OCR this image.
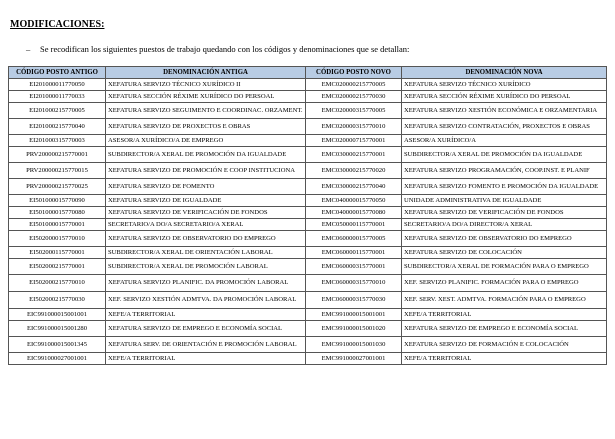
MODIFICACIONES:
– Se recodifican los siguientes puestos de trabajo quedando con los códigos y denominaciones que se detallan:
CÓDIGO POSTO ANTIGO	DENOMINACIÓN ANTIGA	CÓDIGO POSTO NOVO	DENOMINACIÓN NOVA
EI201000011770050	XEFATURA SERVIZO TÉCNICO XURÍDICO II	EMC020000215770005	XEFATURA SERVIZO TÉCNICO XURÍDICO
EI201000011770033	XEFATURA SECCIÓN RÉXIME XURÍDICO DO PERSOAL	EMC020000215770030	XEFATURA SECCIÓN RÉXIME XURÍDICO DO PERSOAL
EI201000215770005	XEFATURA SERVIZO SEGUIMENTO E COORDINAC. ORZAMENT.	EMC020000315770005	XEFATURA SERVIZO XESTIÓN ECONÓMICA E ORZAMENTARIA
EI201000215770040	XEFATURA SERVIZO DE PROXECTOS E OBRAS	EMC020000315770010	XEFATURA SERVIZO CONTRATACIÓN, PROXECTOS E OBRAS
EI201000315770003	ASESOR/A XURÍDICO/A DE EMPREGO	EMC020000715770001	ASESOR/A XURÍDICO/A
PRV200000215770001	SUBDIRECTOR/A XERAL DE PROMOCIÓN DA IGUALDADE	EMC030000215770001	SUBDIRECTOR/A XERAL DE PROMOCIÓN DA IGUALDADE
PRV200000215770015	XEFATURA SERVIZO DE PROMOCIÓN E COOP INSTITUCIONA	EMC030000215770020	XEFATURA SERVIZO PROGRAMACIÓN, COOP.INST. E PLANIF
PRV200000215770025	XEFATURA SERVIZO DE FOMENTO	EMC030000215770040	XEFATURA SERVIZO FOMENTO E PROMOCIÓN DA IGUALDADE
EI501000015770090	XEFATURA SERVIZO DE IGUALDADE	EMC040000015770050	UNIDADE ADMINISTRATIVA DE IGUALDADE
EI501000015770080	XEFATURA SERVIZO DE VERIFICACIÓN DE FONDOS	EMC040000015770080	XEFATURA SERVIZO DE VERIFICACIÓN DE FONDOS
EI501000015770001	SECRETARIO/A DO/A SECRETARIO/A XERAL	EMC050000115770001	SECRETARIO/A DO/A DIRECTOR/A XERAL
EI502000015770010	XEFATURA SERVIZO DE OBSERVATORIO DO EMPREGO	EMC060000015770005	XEFATURA SERVIZO DE OBSERVATORIO DO EMPREGO
EI502000115770001	SUBDIRECTOR/A XERAL DE ORIENTACIÓN LABORAL	EMC060000115770001	XEFATURA SERVIZO DE COLOCACIÓN
EI502000215770001	SUBDIRECTOR/A XERAL DE PROMOCIÓN LABORAL	EMC060000315770001	SUBDIRECTOR/A XERAL DE FORMACIÓN PARA O EMPREGO
EI502000215770010	XEFATURA SERVIZO PLANIFIC. DA PROMOCIÓN LABORAL	EMC060000315770010	XEF. SERVIZO PLANIFIC. FORMACIÓN PARA O EMPREGO
EI502000215770030	XEF. SERVIZO XESTIÓN ADMTVA. DA PROMOCIÓN LABORAL	EMC060000315770030	XEF. SERV. XEST. ADMTVA. FORMACIÓN PARA O EMPREGO
EIC991000015001001	XEFE/A TERRITORIAL	EMC991000015001001	XEFE/A TERRITORIAL
EIC991000015001280	XEFATURA SERVIZO DE EMPREGO E ECONOMÍA SOCIAL	EMC991000015001020	XEFATURA SERVIZO DE EMPREGO E ECONOMÍA SOCIAL
EIC991000015001345	XEFATURA SERV. DE ORIENTACIÓN E PROMOCIÓN LABORAL	EMC991000015001030	XEFATURA SERVIZO DE FORMACIÓN E COLOCACIÓN
EIC991000027001001	XEFE/A TERRITORIAL	EMC991000027001001	XEFE/A TERRITORIAL
